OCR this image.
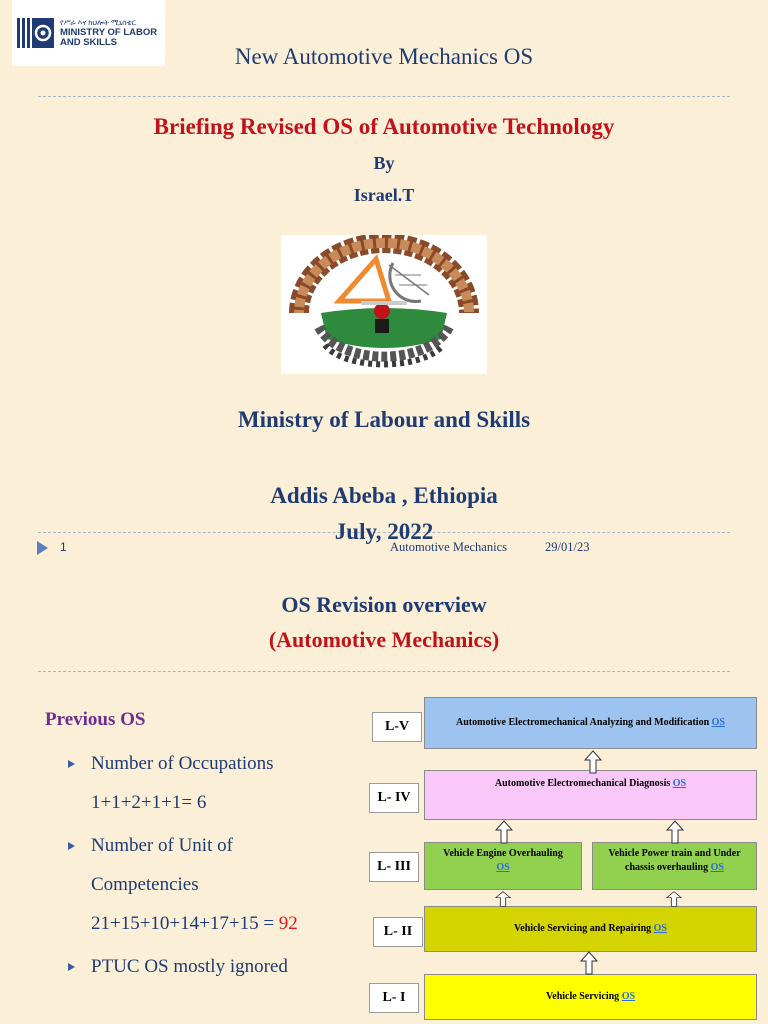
የሥራ እና ክህሎት ሚኒስቴር
MINISTRY OF LABOR
AND SKILLS
New Automotive Mechanics OS
Briefing Revised OS of Automotive Technology
By
Israel.T
Ministry of Labour and Skills
Addis Abeba , Ethiopia
July, 2022
1	Automotive Mechanics	29/01/23
OS Revision overview
(Automotive Mechanics)
Previous OS
Number of Occupations
1+1+2+1+1= 6
Number of Unit of
Competencies
21+15+10+14+17+15 = 92
PTUC OS mostly ignored
L-V
L- IV
L- III
L- II
L- I
Automotive Electromechanical Analyzing and Modification OS
Automotive Electromechanical Diagnosis OS
Vehicle Engine Overhauling
OS
Vehicle Power train and Under chassis overhauling OS
Vehicle Servicing and Repairing OS
Vehicle Servicing OS
